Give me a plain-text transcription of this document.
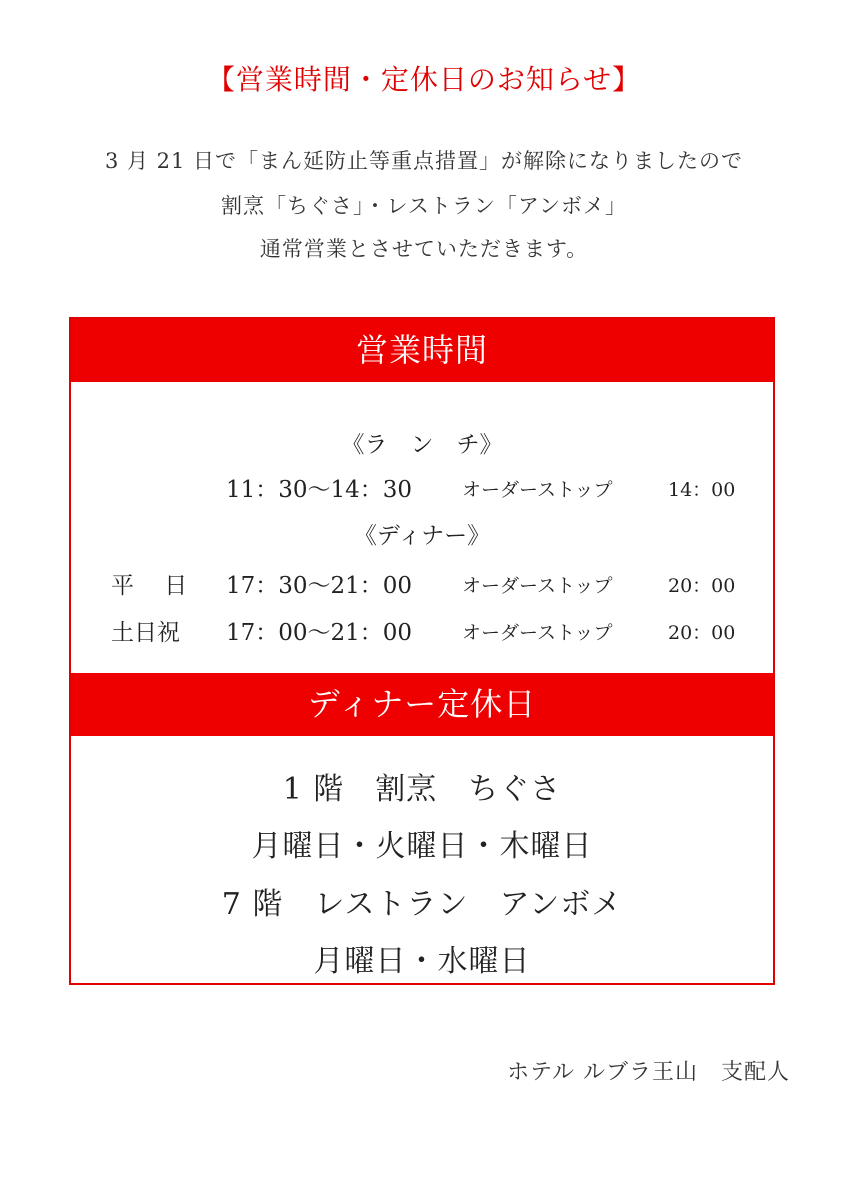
【営業時間・定休日のお知らせ】
3 月 21 日で「まん延防止等重点措置」が解除になりましたので
割烹「ちぐさ」・レストラン「アンボメ」
通常営業とさせていただきます。
営業時間
《ラ　ン　チ》
11：30～14：30	オーダーストップ	14：00
《ディナー》
平　 日 17：30～21：00	オーダーストップ	20：00
土日祝 17：00～21：00	オーダーストップ	20：00
ディナー定休日
1 階　割烹　ちぐさ
月曜日・火曜日・木曜日
7 階　レストラン　アンボメ
月曜日・水曜日
ホテル ルブラ王山　支配人
